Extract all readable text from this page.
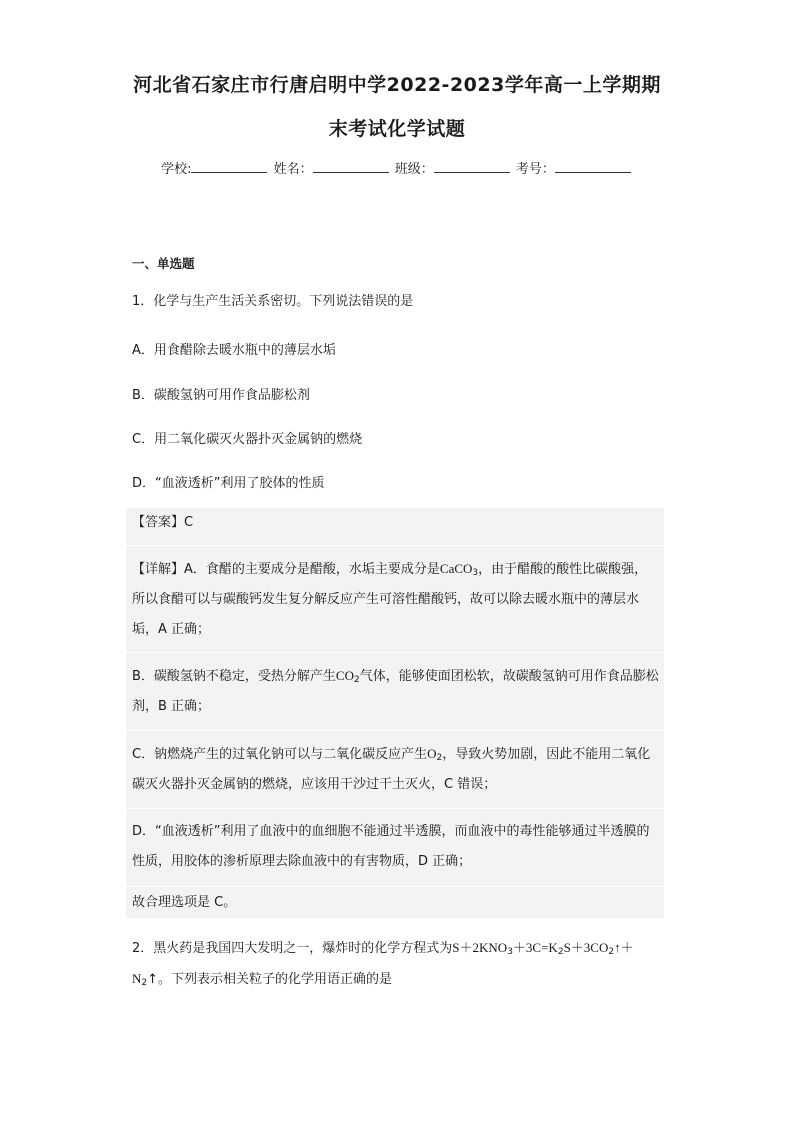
河北省石家庄市行唐启明中学2022-2023学年高一上学期期
末考试化学试题
学校:	姓名：	班级：	考号：
一、单选题
1．化学与生产生活关系密切。下列说法错误的是
A．用食醋除去暖水瓶中的薄层水垢
B．碳酸氢钠可用作食品膨松剂
C．用二氧化碳灭火器扑灭金属钠的燃烧
D．“血液透析”利用了胶体的性质
【答案】C
【详解】A．食醋的主要成分是醋酸，水垢主要成分是CaCO$_3$，由于醋酸的酸性比碳酸强，所以食醋可以与碳酸钙发生复分解反应产生可溶性醋酸钙，故可以除去暖水瓶中的薄层水垢，A 正确；
B．碳酸氢钠不稳定，受热分解产生$CO_2$气体，能够使面团松软，故碳酸氢钠可用作食品膨松剂，B 正确；
C．钠燃烧产生的过氧化钠可以与二氧化碳反应产生$O_2$，导致火势加剧，因此不能用二氧化碳灭火器扑灭金属钠的燃烧，应该用干沙过干土灭火，C 错误；
D．“血液透析”利用了血液中的血细胞不能通过半透膜，而血液中的毒性能够通过半透膜的性质，用胶体的渗析原理去除血液中的有害物质，D 正确；
故合理选项是 C。
2．黑火药是我国四大发明之一，爆炸时的化学方程式为$S+2KNO_3+3C=K_2S+3CO_2↑+N_2↑$。下列表示相关粒子的化学用语正确的是
